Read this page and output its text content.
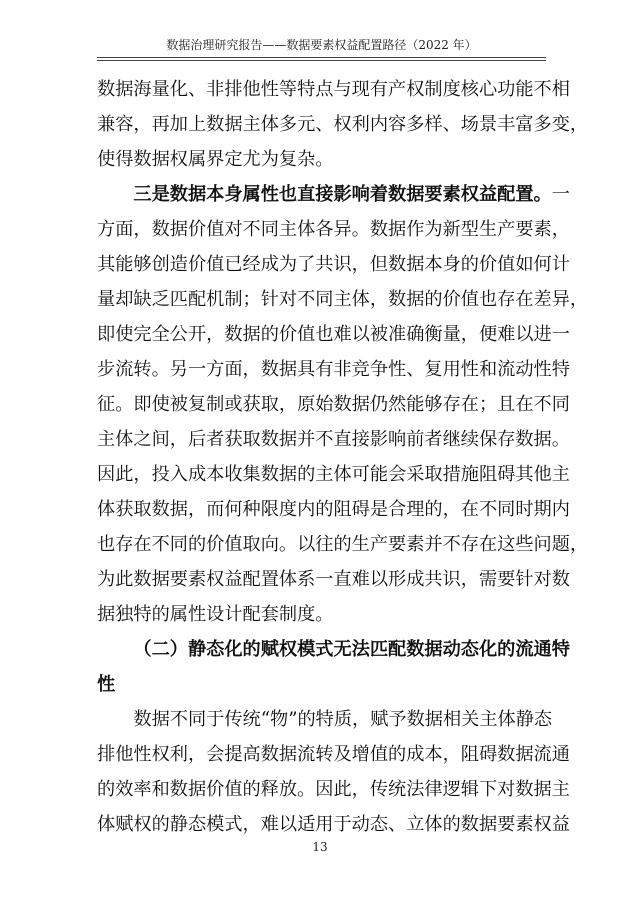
数据治理研究报告——数据要素权益配置路径（2022 年）
数据海量化、非排他性等特点与现有产权制度核心功能不相
兼容，再加上数据主体多元、权利内容多样、场景丰富多变，
使得数据权属界定尤为复杂。
三是数据本身属性也直接影响着数据要素权益配置。一
方面，数据价值对不同主体各异。数据作为新型生产要素，
其能够创造价值已经成为了共识，但数据本身的价值如何计
量却缺乏匹配机制；针对不同主体，数据的价值也存在差异，
即使完全公开，数据的价值也难以被准确衡量，便难以进一
步流转。另一方面，数据具有非竞争性、复用性和流动性特
征。即使被复制或获取，原始数据仍然能够存在；且在不同
主体之间，后者获取数据并不直接影响前者继续保存数据。
因此，投入成本收集数据的主体可能会采取措施阻碍其他主
体获取数据，而何种限度内的阻碍是合理的，在不同时期内
也存在不同的价值取向。以往的生产要素并不存在这些问题，
为此数据要素权益配置体系一直难以形成共识，需要针对数
据独特的属性设计配套制度。
（二）静态化的赋权模式无法匹配数据动态化的流通特
性
数据不同于传统“物”的特质，赋予数据相关主体静态
排他性权利，会提高数据流转及增值的成本，阻碍数据流通
的效率和数据价值的释放。因此，传统法律逻辑下对数据主
体赋权的静态模式，难以适用于动态、立体的数据要素权益
13
